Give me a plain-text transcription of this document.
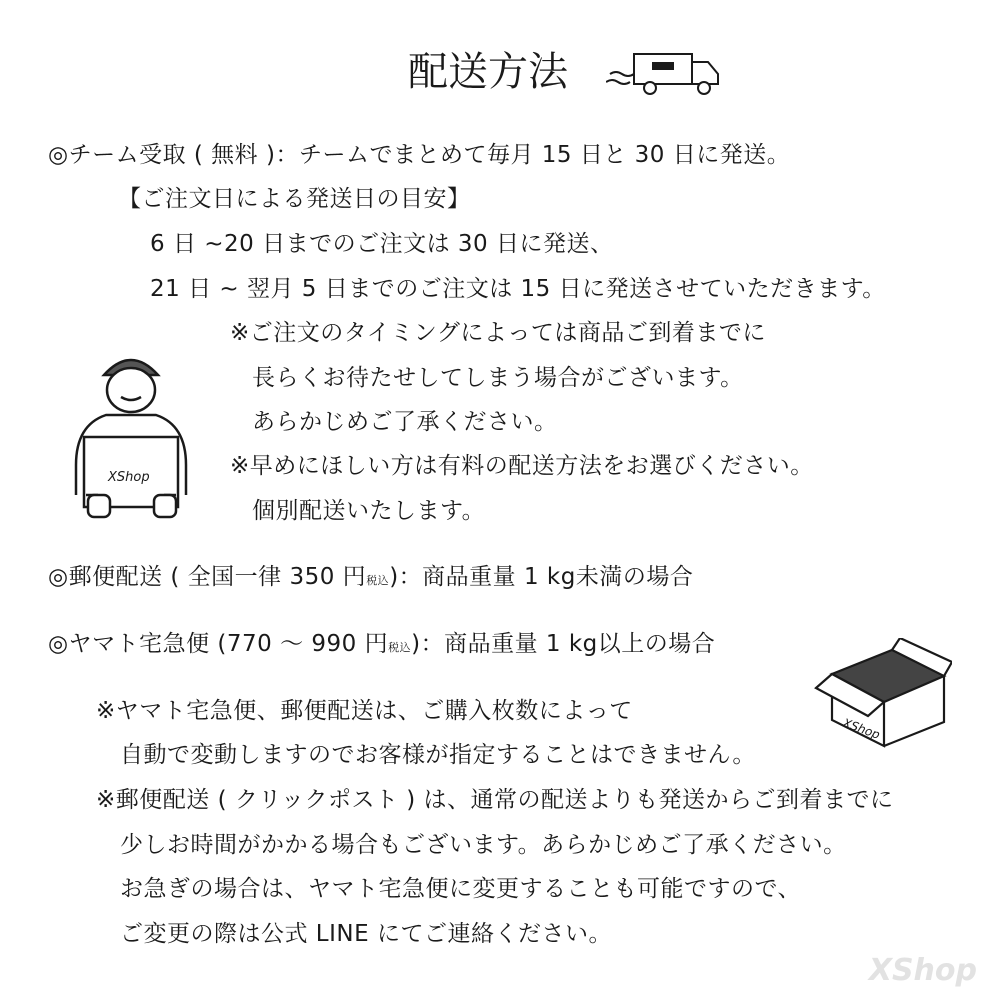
配送方法
◎チーム受取 ( 無料 )：チームでまとめて毎月 15 日と 30 日に発送。
【ご注文日による発送日の目安】
6 日 ~20 日までのご注文は 30 日に発送、
21 日 ~ 翌月 5 日までのご注文は 15 日に発送させていただきます。
※ご注文のタイミングによっては商品ご到着までに
長らくお待たせしてしまう場合がございます。
あらかじめご了承ください。
※早めにほしい方は有料の配送方法をお選びください。
個別配送いたします。
XShop
◎郵便配送 ( 全国一律 350 円税込)：商品重量 1 kg未満の場合
◎ヤマト宅急便 (770 ～ 990 円税込)：商品重量 1 kg以上の場合
XShop
※ヤマト宅急便、郵便配送は、ご購入枚数によって
自動で変動しますのでお客様が指定することはできません。
※郵便配送 ( クリックポスト ) は、通常の配送よりも発送からご到着までに
少しお時間がかかる場合もございます。あらかじめご了承ください。
お急ぎの場合は、ヤマト宅急便に変更することも可能ですので、
ご変更の際は公式 LINE にてご連絡ください。
XShop
